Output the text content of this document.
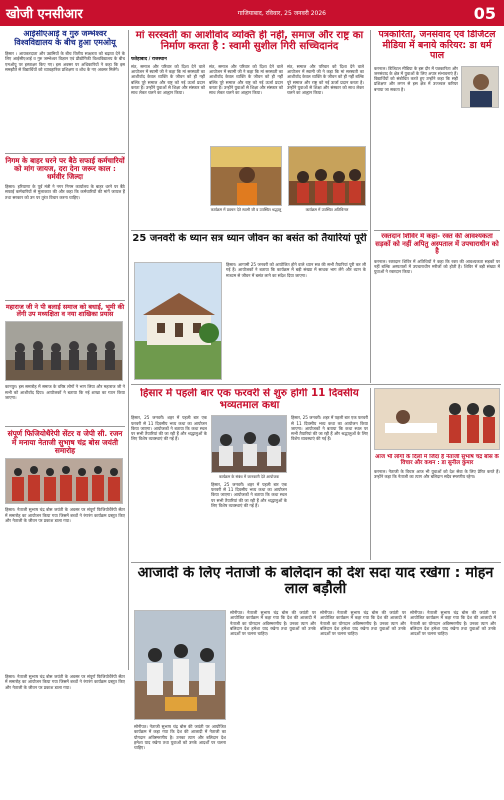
खोजी एनसीआर	गाजियाबाद, रविवार, 25 जनवरी 2026	05
आईसीएआई व गुरु जम्भेश्वर विश्वविद्यालय के बीच हुआ एमओयू
हिसार । आयकरदाता और उद्यमियों के बीच वित्तीय साक्षरता को बढ़ावा देने के लिए आईसीएआई व गुरु जम्भेश्वर विज्ञान एवं प्रौद्योगिकी विश्वविद्यालय के बीच एमओयू पर हस्ताक्षर किए गए। इस अवसर पर अधिकारियों ने कहा कि इस समझौते से विद्यार्थियों को व्यावहारिक प्रशिक्षण व शोध के नए अवसर मिलेंगे।
निगम के बाहर घरने पर बैठे सफाई कर्मचारियों को मांग जायज, दरा देना जरूर काल : धर्मवीर जिल्दा
हिसार। हरियाणा के पूर्व मंत्री ने नगर निगम कार्यालय के बाहर धरने पर बैठे सफाई कर्मचारियों से मुलाकात की और कहा कि कर्मचारियों की मांगें जायज हैं तथा सरकार को उन पर तुरंत विचार करना चाहिए।
महाराज जी ने पी बलाई समाज को बधाई, भूमी की लेंगी उप मध्यक्षिता व नया शाखिका प्रयास
कानपुर। इस समारोह में समाज के वरिष्ठ लोगों ने भाग लिया और महाराज जी ने सभी को आशीर्वाद दिया। आयोजकों ने बताया कि नई शाखा का गठन किया जाएगा।
संपूर्ण फिजियोथैरेपी सेंटर व जेपी सी. रजन में मनाया नेताजी सुभाष चंद्र बोस जयंती समारोह
हिसार। नेताजी सुभाष चंद्र बोस जयंती के अवसर पर संपूर्ण फिजियोथैरेपी सेंटर में समारोह का आयोजन किया गया जिसमें बच्चों ने रंगारंग कार्यक्रम प्रस्तुत किए और नेताजी के जीवन पर प्रकाश डाला गया।
मां सरस्वती का आशीर्वाद व्यक्ति ही नहीं, समाज और राष्ट्र का निर्माण करता है : स्वामी सुशील गिरी सच्चिदानंद
फतेहाबाद / राजस्थान
संत, समाज और परिवार को दिशा देने वाले आयोजन में स्वामी जी ने कहा कि मां सरस्वती का आशीर्वाद केवल व्यक्ति के जीवन को ही नहीं बल्कि पूरे समाज और राष्ट्र को नई ऊर्जा प्रदान करता है। उन्होंने युवाओं से शिक्षा और संस्कार को साथ लेकर चलने का आह्वान किया।
संत, समाज और परिवार को दिशा देने वाले आयोजन में स्वामी जी ने कहा कि मां सरस्वती का आशीर्वाद केवल व्यक्ति के जीवन को ही नहीं बल्कि पूरे समाज और राष्ट्र को नई ऊर्जा प्रदान करता है। उन्होंने युवाओं से शिक्षा और संस्कार को साथ लेकर चलने का आह्वान किया।
संत, समाज और परिवार को दिशा देने वाले आयोजन में स्वामी जी ने कहा कि मां सरस्वती का आशीर्वाद केवल व्यक्ति के जीवन को ही नहीं बल्कि पूरे समाज और राष्ट्र को नई ऊर्जा प्रदान करता है। उन्होंने युवाओं से शिक्षा और संस्कार को साथ लेकर चलने का आह्वान किया।
कार्यक्रम में प्रवचन देते स्वामी जी व उपस्थित श्रद्धालु	कार्यक्रम में उपस्थित अतिथिगण
25 जनवरी के ध्यान सत्र ध्यान जीवन का बसंत को तैयारियां पूरी
हिसार। आगामी 25 जनवरी को आयोजित होने वाले ध्यान सत्र की सभी तैयारियां पूरी कर ली गई हैं। आयोजकों ने बताया कि कार्यक्रम में बड़ी संख्या में साधक भाग लेंगे और ध्यान के माध्यम से जीवन में बसंत लाने का संदेश दिया जाएगा।
पत्रकारिता, जनसंवाद एवं डिजिटल मीडिया में बनाये करियर: डा धर्म पाल
करनाल। डिजिटल मीडिया के इस दौर में पत्रकारिता और जनसंवाद के क्षेत्र में युवाओं के लिए अपार संभावनाएं हैं। विद्यार्थियों को संबोधित करते हुए उन्होंने कहा कि सही प्रशिक्षण और लगन से इस क्षेत्र में उज्ज्वल करियर बनाया जा सकता है।
रक्तदान शिविर में कहा- रक्त की आवश्यकता सड़कों को नहीं अपितु अस्पताल में उपचाराधीन को है
करनाल। रक्तदान शिविर में अतिथियों ने कहा कि रक्त की आवश्यकता सड़कों पर नहीं बल्कि अस्पतालों में उपचाराधीन मरीजों को होती है। शिविर में बड़ी संख्या में युवाओं ने रक्तदान किया।
हिसार में पहली बार एक फरवरी से शुरु होगी 11 दिवसीय भव्यतमाल कथा
हिसार, 25 जनवरी। शहर में पहली बार एक फरवरी से 11 दिवसीय भव्य कथा का आयोजन किया जाएगा। आयोजकों ने बताया कि कथा स्थल पर सभी तैयारियां की जा रही हैं और श्रद्धालुओं के लिए विशेष व्यवस्थाएं की गई हैं।
कार्यक्रम के संबंध में जानकारी देते आयोजक
हिसार, 25 जनवरी। शहर में पहली बार एक फरवरी से 11 दिवसीय भव्य कथा का आयोजन किया जाएगा। आयोजकों ने बताया कि कथा स्थल पर सभी तैयारियां की जा रही हैं और श्रद्धालुओं के लिए विशेष व्यवस्थाएं की गई हैं।
हिसार, 25 जनवरी। शहर में पहली बार एक फरवरी से 11 दिवसीय भव्य कथा का आयोजन किया जाएगा। आयोजकों ने बताया कि कथा स्थल पर सभी तैयारियां की जा रही हैं और श्रद्धालुओं के लिए विशेष व्यवस्थाएं की गई हैं।
आज भी लोगों के दिलों में जिंदा हैं नेताजी सुभाष चंद्र बोस के विचार और कथन : डा सुनील कुमार
करनाल। नेताजी के विचार आज भी युवाओं को देश सेवा के लिए प्रेरित करते हैं। उन्होंने कहा कि नेताजी का त्याग और बलिदान सदैव स्मरणीय रहेगा।
आजादी के लिए नेताजी के बलिदान को देश सदा याद रखेगा : मोहन लाल बड़ौली
सोनीपत। नेताजी सुभाष चंद्र बोस की जयंती पर आयोजित कार्यक्रम में कहा गया कि देश की आजादी में नेताजी का योगदान अविस्मरणीय है। उनका त्याग और बलिदान देश हमेशा याद रखेगा तथा युवाओं को उनके आदर्शों पर चलना चाहिए।
सोनीपत। नेताजी सुभाष चंद्र बोस की जयंती पर आयोजित कार्यक्रम में कहा गया कि देश की आजादी में नेताजी का योगदान अविस्मरणीय है। उनका त्याग और बलिदान देश हमेशा याद रखेगा तथा युवाओं को उनके आदर्शों पर चलना चाहिए।
सोनीपत। नेताजी सुभाष चंद्र बोस की जयंती पर आयोजित कार्यक्रम में कहा गया कि देश की आजादी में नेताजी का योगदान अविस्मरणीय है। उनका त्याग और बलिदान देश हमेशा याद रखेगा तथा युवाओं को उनके आदर्शों पर चलना चाहिए।
हिसार। नेताजी सुभाष चंद्र बोस जयंती के अवसर पर संपूर्ण फिजियोथैरेपी सेंटर में समारोह का आयोजन किया गया जिसमें बच्चों ने रंगारंग कार्यक्रम प्रस्तुत किए और नेताजी के जीवन पर प्रकाश डाला गया।
सोनीपत। नेताजी सुभाष चंद्र बोस की जयंती पर आयोजित कार्यक्रम में कहा गया कि देश की आजादी में नेताजी का योगदान अविस्मरणीय है। उनका त्याग और बलिदान देश हमेशा याद रखेगा तथा युवाओं को उनके आदर्शों पर चलना चाहिए।
